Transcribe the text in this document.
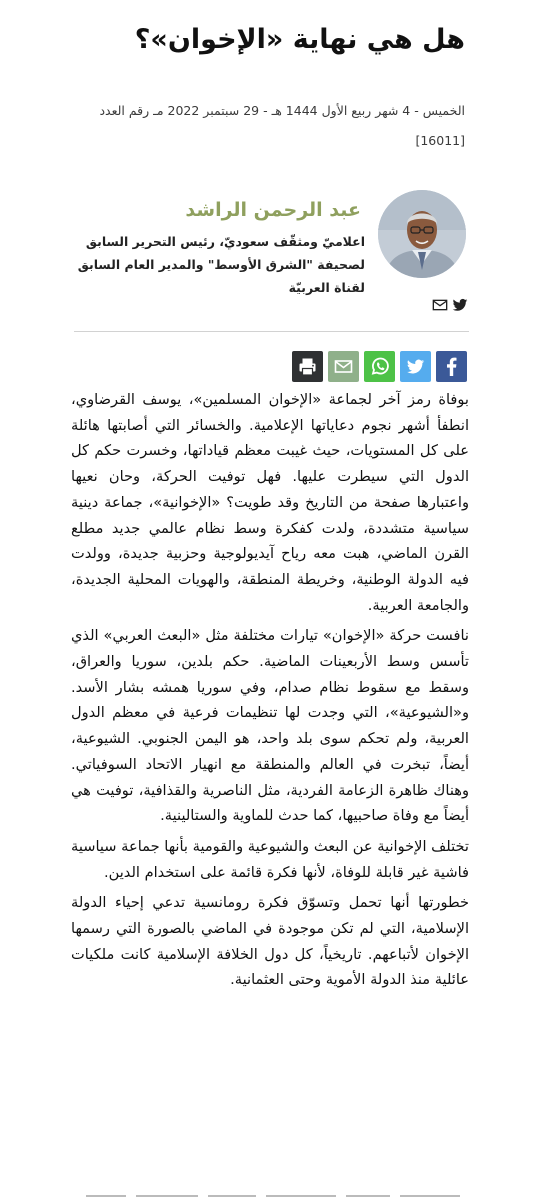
هل هي نهاية «الإخوان»؟
الخميس - 4 شهر ربيع الأول 1444 هـ - 29 سبتمبر 2022 مـ رقم العدد [16011]
عبد الرحمن الراشد
اعلاميّ ومثقّف سعوديّ، رئيس التحرير السابق لصحيفة "الشرق الأوسط" والمدير العام السابق لقناة العربيّة

بوفاة رمز آخر لجماعة «الإخوان المسلمين»، يوسف القرضاوي، انطفأ أشهر نجوم دعاياتها الإعلامية. والخسائر التي أصابتها هائلة على كل المستويات، حيث غيبت معظم قياداتها، وخسرت حكم كل الدول التي سيطرت عليها. فهل توفيت الحركة، وحان نعيها واعتبارها صفحة من التاريخ وقد طويت؟ «الإخوانية»، جماعة دينية سياسية متشددة، ولدت كفكرة وسط نظام عالمي جديد مطلع القرن الماضي، هبت معه رياح آيديولوجية وحزبية جديدة، وولدت فيه الدولة الوطنية، وخريطة المنطقة، والهويات المحلية الجديدة، والجامعة العربية.

نافست حركة «الإخوان» تيارات مختلفة مثل «البعث العربي» الذي تأسس وسط الأربعينات الماضية. حكم بلدين، سوريا والعراق، وسقط مع سقوط نظام صدام، وفي سوريا همشه بشار الأسد. و«الشيوعية»، التي وجدت لها تنظيمات فرعية في معظم الدول العربية، ولم تحكم سوى بلد واحد، هو اليمن الجنوبي. الشيوعية، أيضاً، تبخرت في العالم والمنطقة مع انهيار الاتحاد السوفياتي. وهناك ظاهرة الزعامة الفردية، مثل الناصرية والقذافية، توفيت هي أيضاً مع وفاة صاحبيها، كما حدث للماوية والستالينية.

تختلف الإخوانية عن البعث والشيوعية والقومية بأنها جماعة سياسية فاشية غير قابلة للوفاة، لأنها فكرة قائمة على استخدام الدين.

خطورتها أنها تحمل وتسوّق فكرة رومانسية تدعي إحياء الدولة الإسلامية، التي لم تكن موجودة في الماضي بالصورة التي رسمها الإخوان لأتباعهم. تاريخياً، كل دول الخلافة الإسلامية كانت ملكيات عائلية منذ الدولة الأموية وحتى العثمانية.
